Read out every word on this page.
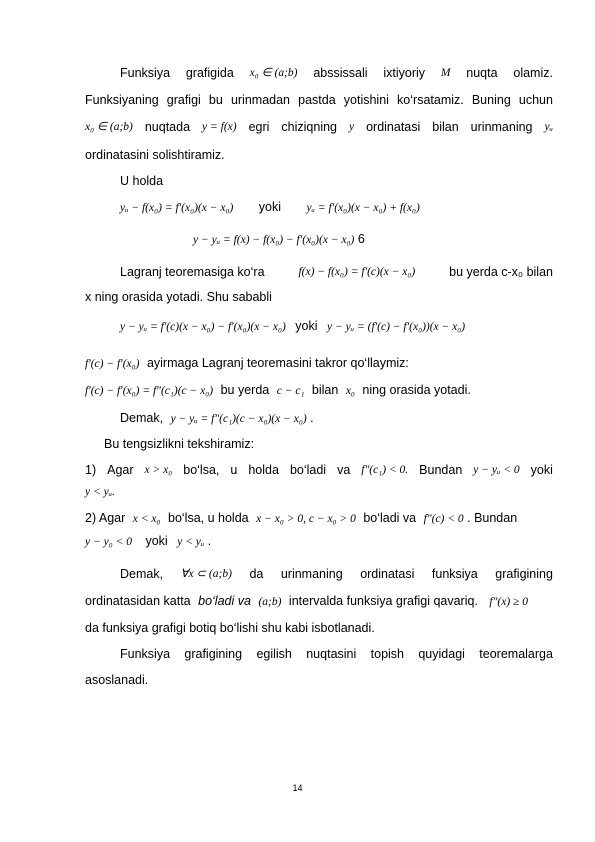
Funksiya grafigida x₀ ∈ (a;b) abssissali ixtiyoriy M nuqta olamiz.
Funksiyaning grafigi bu urinmadan pastda yotishini ko‘rsatamiz. Buning uchun
x₀ ∈ (a;b) nuqtada y = f(x) egri chiziqning y ordinatasi bilan urinmaning yᵤ
ordinatasini solishtiramiz.
U holda
yᵤ − f(x₀) = f′(x₀)(x − x₀) yoki yᵤ = f′(x₀)(x − x₀) + f(x₀)
y − yᵤ = f(x) − f(x₀) − f′(x₀)(x − x₀) 6
Lagranj teoremasiga ko‘ra	f(x) − f(x₀) = f′(c)(x − x₀)	bu yerda c-x₀ bilan
x ning orasida yotadi. Shu sababli
y − yᵤ = f′(c)(x − x₀) − f′(x₀)(x − x₀) yoki y − yᵤ = (f′(c) − f′(x₀))(x − x₀)
f′(c) − f′(x₀) ayirmaga Lagranj teoremasini takror qo‘llaymiz:
f′(c) − f′(x₀) = f″(c₁)(c − x₀) bu yerda c − c₁ bilan x₀ ning orasida yotadi.
Demak, y − yᵤ = f″(c₁)(c − x₀)(x − x₀) .
Bu tengsizlikni tekshiramiz:
1) Agar x > x₀ bo‘lsa, u holda bo‘ladi va f″(c₁) < 0. Bundan y − yᵤ < 0 yoki
y < yᵤ.
2) Agar x < x₀ bo‘lsa, u holda x − x₀ > 0, c − x₀ > 0 bo‘ladi va f″(c) < 0 . Bundan
y − y₀ < 0 yoki y < yᵤ .
Demak, ∀x ⊂ (a;b) da urinmaning ordinatasi funksiya grafigining
ordinatasidan katta bo‘ladi va (a;b) intervalda funksiya grafigi qavariq. f″(x) ≥ 0
da funksiya grafigi botiq bo‘lishi shu kabi isbotlanadi.
Funksiya grafigining egilish nuqtasini topish quyidagi teoremalarga
asoslanadi.
14
